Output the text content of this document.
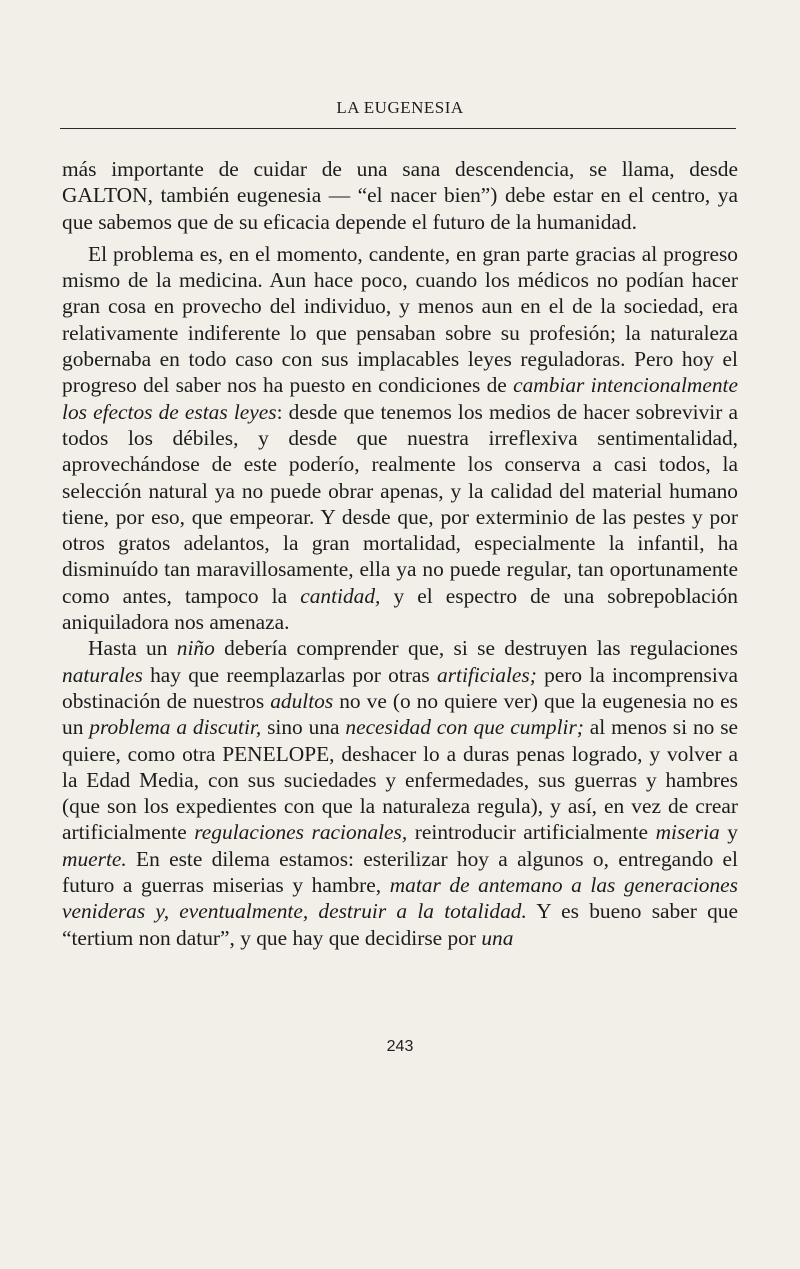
LA EUGENESIA

más importante de cuidar de una sana descendencia, se llama, desde GALTON, también eugenesia — “el nacer bien”) debe estar en el centro, ya que sabemos que de su eficacia depende el futuro de la humanidad.

El problema es, en el momento, candente, en gran parte gracias al progreso mismo de la medicina. Aun hace poco, cuando los médicos no podían hacer gran cosa en provecho del individuo, y menos aun en el de la sociedad, era relativamente indiferente lo que pensaban sobre su profesión; la naturaleza gobernaba en todo caso con sus implacables leyes reguladoras. Pero hoy el progreso del saber nos ha puesto en condiciones de cambiar intencionalmente los efectos de estas leyes: desde que tenemos los medios de hacer sobrevivir a todos los débiles, y desde que nuestra irreflexiva sentimentalidad, aprovechándose de este poderío, realmente los conserva a casi todos, la selección natural ya no puede obrar apenas, y la calidad del material humano tiene, por eso, que empeorar. Y desde que, por exterminio de las pestes y por otros gratos adelantos, la gran mortalidad, especialmente la infantil, ha disminuído tan maravillosamente, ella ya no puede regular, tan oportunamente como antes, tampoco la cantidad, y el espectro de una sobrepoblación aniquiladora nos amenaza.

Hasta un niño debería comprender que, si se destruyen las regulaciones naturales hay que reemplazarlas por otras artificiales; pero la incomprensiva obstinación de nuestros adultos no ve (o no quiere ver) que la eugenesia no es un problema a discutir, sino una necesidad con que cumplir; al menos si no se quiere, como otra PENELOPE, deshacer lo a duras penas logrado, y volver a la Edad Media, con sus suciedades y enfermedades, sus guerras y hambres (que son los expedientes con que la naturaleza regula), y así, en vez de crear artificialmente regulaciones racionales, reintroducir artificialmente miseria y muerte. En este dilema estamos: esterilizar hoy a algunos o, entregando el futuro a guerras miserias y hambre, matar de antemano a las generaciones venideras y, eventualmente, destruir a la totalidad. Y es bueno saber que “tertium non datur”, y que hay que decidirse por una

243
